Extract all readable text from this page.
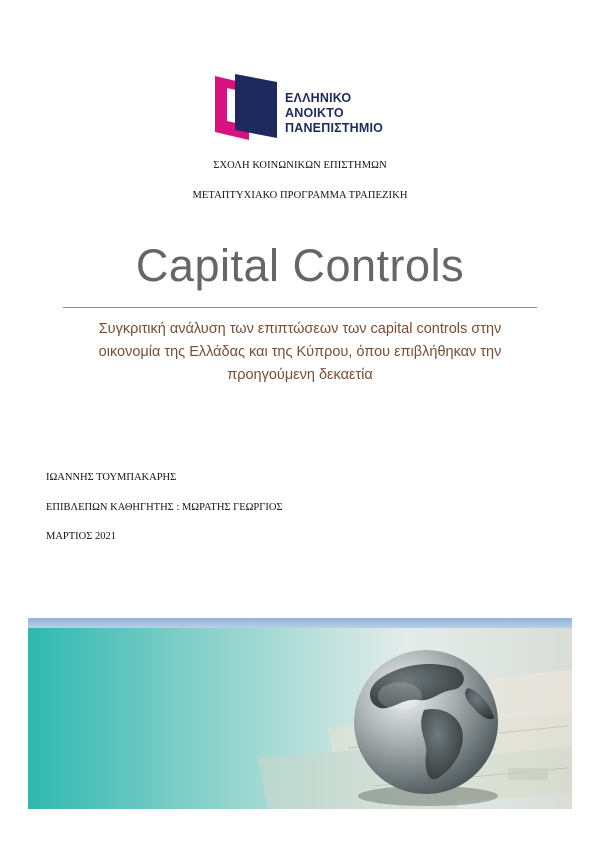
ΕΛΛΗΝΙΚΟ
ΑΝΟΙΚΤΟ
ΠΑΝΕΠΙΣΤΗΜΙΟ
ΣΧΟΛΗ ΚΟΙΝΩΝΙΚΩΝ ΕΠΙΣΤΗΜΩΝ
ΜΕΤΑΠΤΥΧΙΑΚΟ ΠΡΟΓΡΑΜΜΑ ΤΡΑΠΕΖΙΚΗ
Capital Controls
Συγκριτική ανάλυση των επιπτώσεων των capital controls στην
οικονομία της Ελλάδας και της Κύπρου, όπου επιβλήθηκαν την
προηγούμενη δεκαετία
ΙΩΑΝΝΗΣ ΤΟΥΜΠΑΚΑΡΗΣ
ΕΠΙΒΛΕΠΩΝ ΚΑΘΗΓΗΤΗΣ : ΜΩΡΑΤΗΣ ΓΕΩΡΓΙΟΣ
ΜΑΡΤΙΟΣ 2021
